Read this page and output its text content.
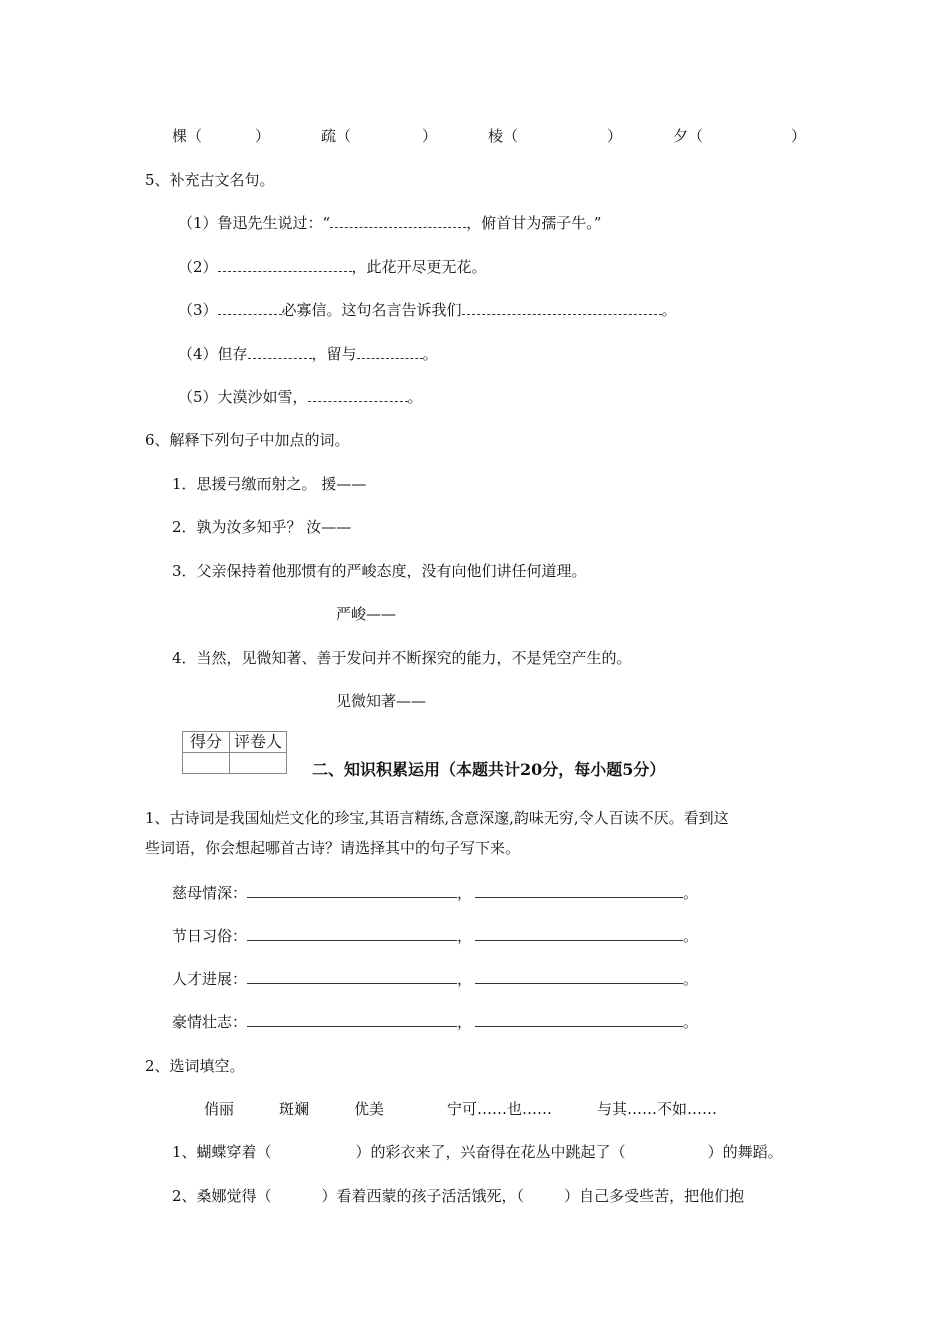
棵（	）	疏（	）	棱（	）	夕（	）
5、补充古文名句。
（1）鲁迅先生说过：“	，俯首甘为孺子牛。”
（2）	，此花开尽更无花。
（3）	必寡信。这句名言告诉我们	。
（4）但存	，留与	。
（5）大漠沙如雪，	。
6、解释下列句子中加点的词。
1．思援弓缴而射之。 援——
2．孰为汝多知乎？ 汝——
3．父亲保持着他那惯有的严峻态度，没有向他们讲任何道理。
严峻——
4．当然，见微知著、善于发问并不断探究的能力，不是凭空产生的。
见微知著——
得分	评卷人

二、知识积累运用（本题共计20分，每小题5分）
1、古诗词是我国灿烂文化的珍宝,其语言精练,含意深邃,韵味无穷,令人百读不厌。看到这
些词语，你会想起哪首古诗？请选择其中的句子写下来。
慈母情深：	，	。
节日习俗：	，	。
人才进展：	，	。
豪情壮志：	，	。
2、选词填空。
俏丽	斑斓	优美	宁可……也……	与其……不如……
1、蝴蝶穿着（	）的彩衣来了，兴奋得在花丛中跳起了（	）的舞蹈。
2、桑娜觉得（	）看着西蒙的孩子活活饿死，（	）自己多受些苦，把他们抱
